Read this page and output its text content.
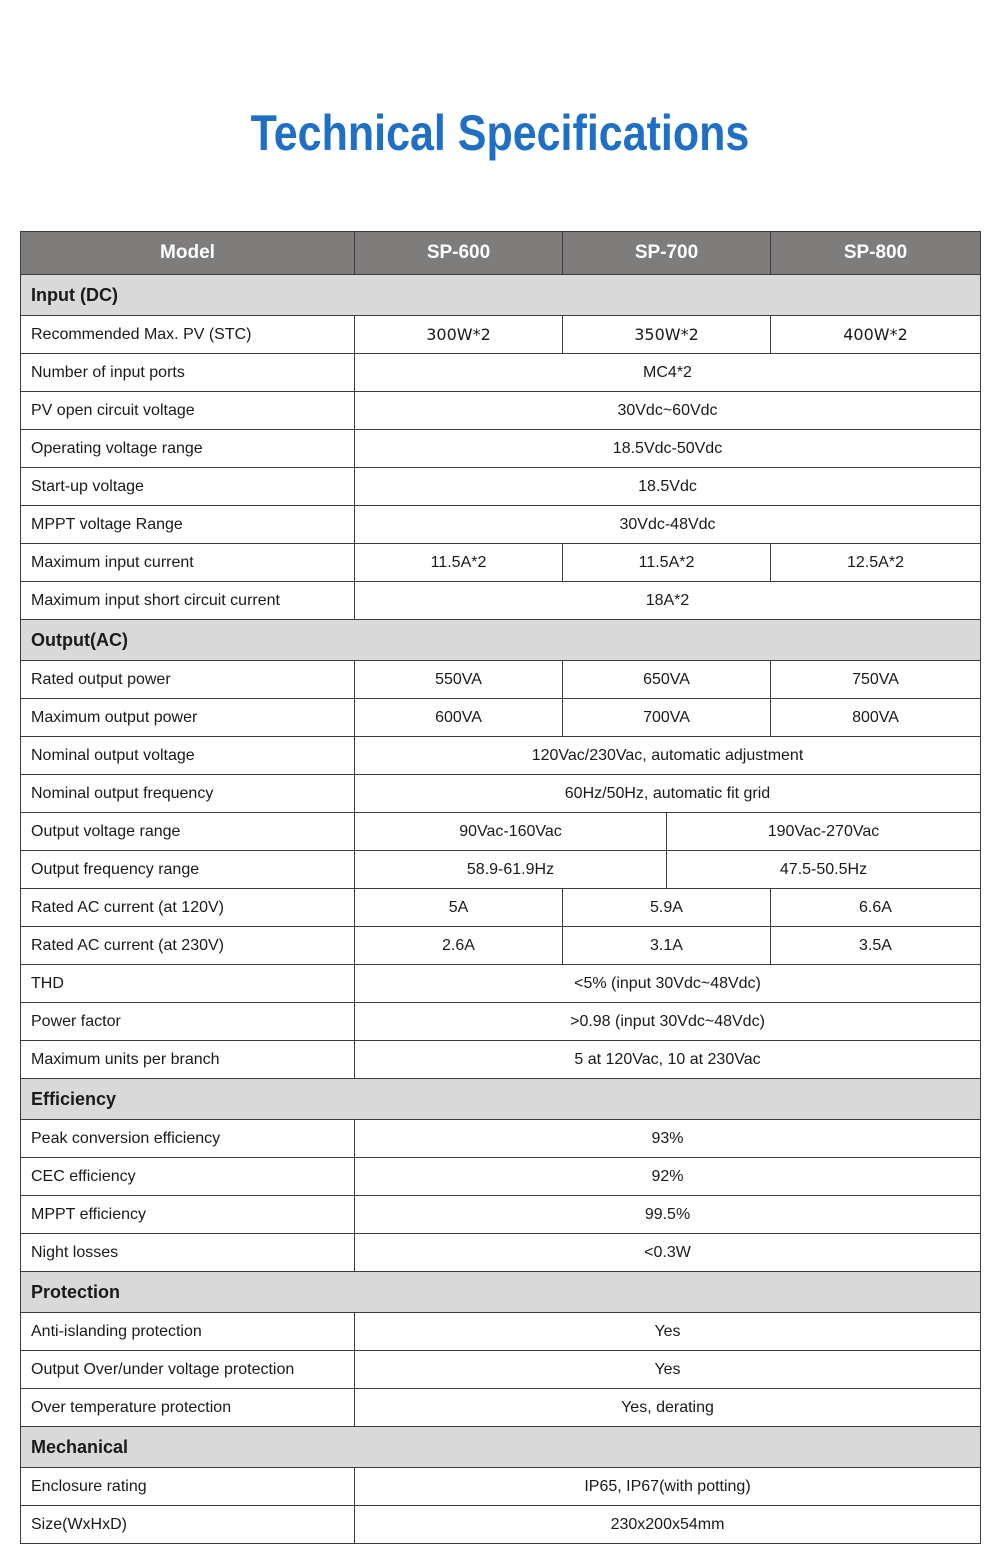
Technical Specifications
Model	SP-600	SP-700		SP-800
Input (DC)				
Recommended Max. PV (STC)	300W*2	350W*2		400W*2
Number of input ports	MC4*2			
PV open circuit voltage	30Vdc~60Vdc			
Operating voltage range	18.5Vdc-50Vdc			
Start-up voltage	18.5Vdc			
MPPT voltage Range	30Vdc-48Vdc			
Maximum input current	11.5A*2	11.5A*2		12.5A*2
Maximum input short circuit current	18A*2			
Output(AC)				
Rated output power	550VA	650VA		750VA
Maximum output power	600VA	700VA		800VA
Nominal output voltage	120Vac/230Vac, automatic adjustment			
Nominal output frequency	60Hz/50Hz, automatic fit grid			
Output voltage range	90Vac-160Vac		190Vac-270Vac	
Output frequency range	58.9-61.9Hz		47.5-50.5Hz	
Rated AC current (at 120V)	5A	5.9A		6.6A
Rated AC current (at 230V)	2.6A	3.1A		3.5A
THD	<5% (input 30Vdc~48Vdc)			
Power factor	>0.98 (input 30Vdc~48Vdc)			
Maximum units per branch	5 at 120Vac, 10 at 230Vac			
Efficiency				
Peak conversion efficiency	93%			
CEC efficiency	92%			
MPPT efficiency	99.5%			
Night losses	<0.3W			
Protection				
Anti-islanding protection	Yes			
Output Over/under voltage protection	Yes			
Over temperature protection	Yes, derating			
Mechanical				
Enclosure rating	IP65, IP67(with potting)			
Size(WxHxD)	230x200x54mm			
